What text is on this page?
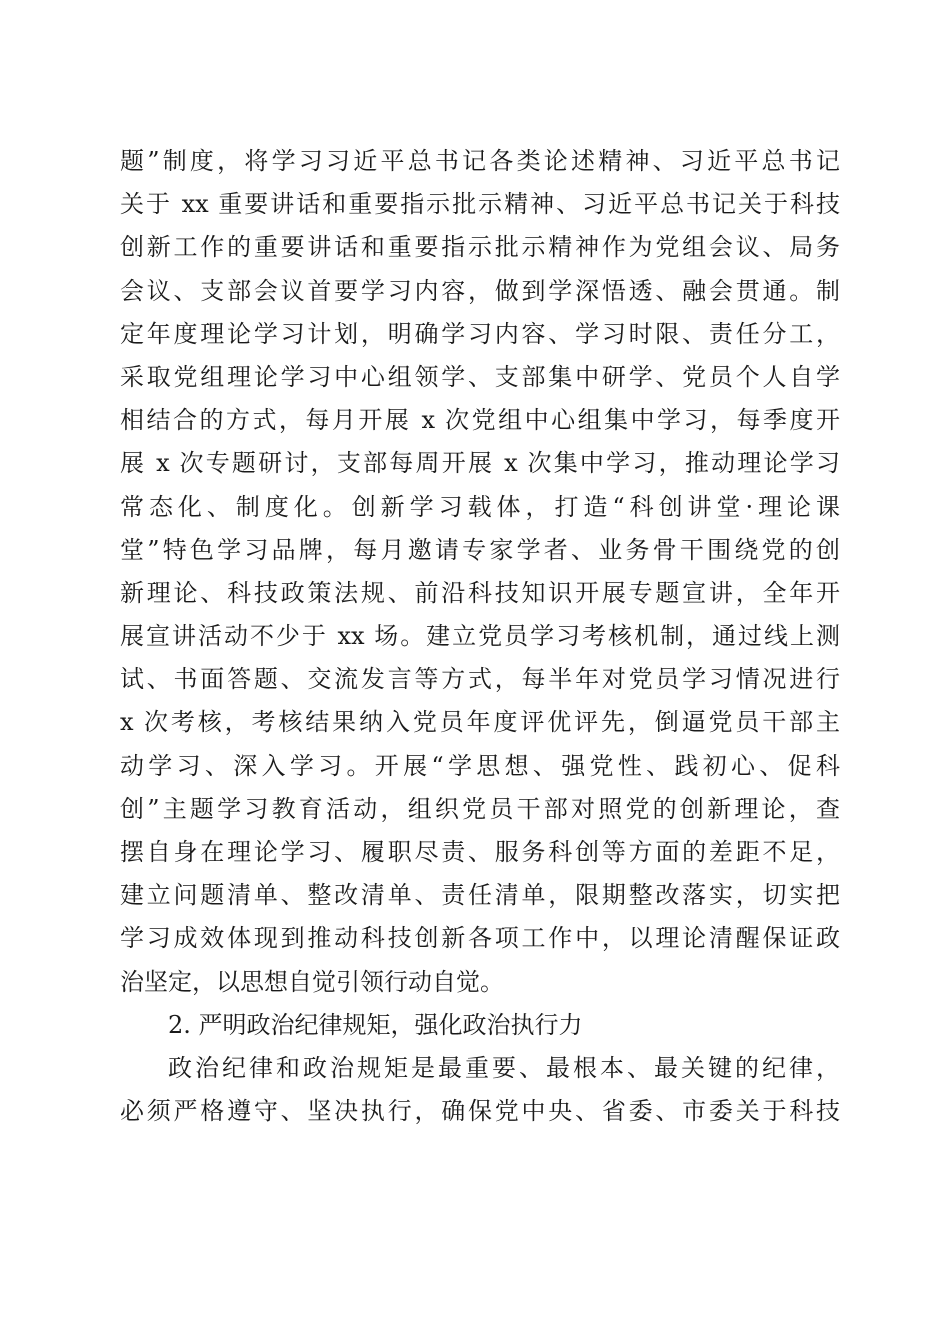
题”制度，将学习习近平总书记各类论述精神、习近平总书记
关于 xx 重要讲话和重要指示批示精神、习近平总书记关于科技
创新工作的重要讲话和重要指示批示精神作为党组会议、局务
会议、支部会议首要学习内容，做到学深悟透、融会贯通。制
定年度理论学习计划，明确学习内容、学习时限、责任分工，
采取党组理论学习中心组领学、支部集中研学、党员个人自学
相结合的方式，每月开展 x 次党组中心组集中学习，每季度开
展 x 次专题研讨，支部每周开展 x 次集中学习，推动理论学习
常态化、制度化。创新学习载体，打造“科创讲堂·理论课
堂”特色学习品牌，每月邀请专家学者、业务骨干围绕党的创
新理论、科技政策法规、前沿科技知识开展专题宣讲，全年开
展宣讲活动不少于 xx 场。建立党员学习考核机制，通过线上测
试、书面答题、交流发言等方式，每半年对党员学习情况进行
x 次考核，考核结果纳入党员年度评优评先，倒逼党员干部主
动学习、深入学习。开展“学思想、强党性、践初心、促科
创”主题学习教育活动，组织党员干部对照党的创新理论，查
摆自身在理论学习、履职尽责、服务科创等方面的差距不足，
建立问题清单、整改清单、责任清单，限期整改落实，切实把
学习成效体现到推动科技创新各项工作中，以理论清醒保证政
治坚定，以思想自觉引领行动自觉。
2. 严明政治纪律规矩，强化政治执行力
政治纪律和政治规矩是最重要、最根本、最关键的纪律，
必须严格遵守、坚决执行，确保党中央、省委、市委关于科技
